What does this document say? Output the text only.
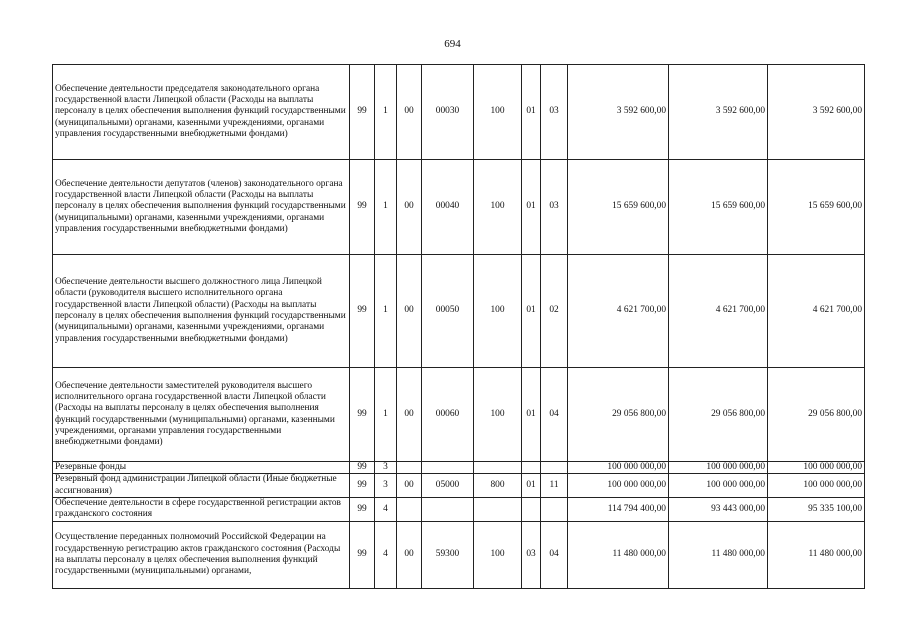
694
Обеспечение деятельности председателя законодательного органа государственной власти Липецкой области (Расходы на выплаты персоналу в целях обеспечения выполнения функций государственными (муниципальными) органами, казенными учреждениями, органами управления государственными внебюджетными фондами)	99	1	00	00030	100	01	03	3 592 600,00	3 592 600,00	3 592 600,00
Обеспечение деятельности депутатов (членов) законодательного органа государственной власти Липецкой области (Расходы на выплаты персоналу в целях обеспечения выполнения функций государственными (муниципальными) органами, казенными учреждениями, органами управления государственными внебюджетными фондами)	99	1	00	00040	100	01	03	15 659 600,00	15 659 600,00	15 659 600,00
Обеспечение деятельности высшего должностного лица Липецкой области (руководителя высшего исполнительного органа государственной власти Липецкой области) (Расходы на выплаты персоналу в целях обеспечения выполнения функций государственными (муниципальными) органами, казенными учреждениями, органами управления государственными внебюджетными фондами)	99	1	00	00050	100	01	02	4 621 700,00	4 621 700,00	4 621 700,00
Обеспечение деятельности заместителей руководителя высшего исполнительного органа государственной власти Липецкой области (Расходы на выплаты персоналу в целях обеспечения выполнения функций государственными (муниципальными) органами, казенными учреждениями, органами управления государственными внебюджетными фондами)	99	1	00	00060	100	01	04	29 056 800,00	29 056 800,00	29 056 800,00
Резервные фонды	99	3						100 000 000,00	100 000 000,00	100 000 000,00
Резервный фонд администрации Липецкой области (Иные бюджетные ассигнования)	99	3	00	05000	800	01	11	100 000 000,00	100 000 000,00	100 000 000,00
Обеспечение деятельности в сфере государственной регистрации актов гражданского состояния	99	4						114 794 400,00	93 443 000,00	95 335 100,00
Осуществление переданных полномочий Российской Федерации на государственную регистрацию актов гражданского состояния (Расходы на выплаты персоналу в целях обеспечения выполнения функций государственными (муниципальными) органами,	99	4	00	59300	100	03	04	11 480 000,00	11 480 000,00	11 480 000,00
